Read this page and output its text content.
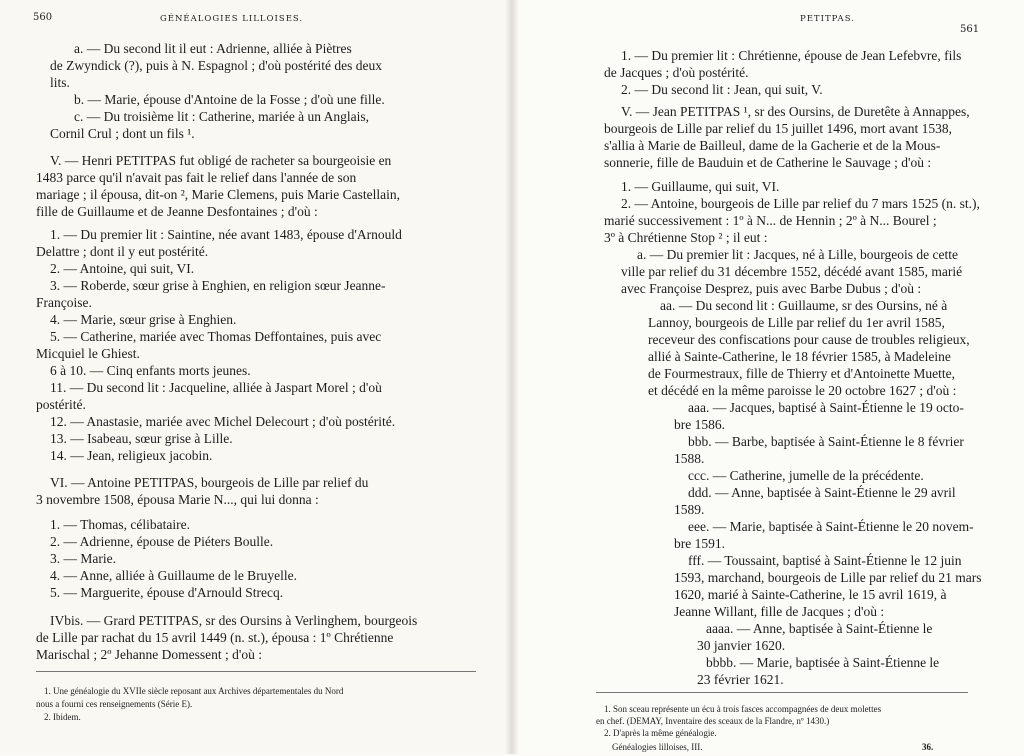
560	GÉNÉALOGIES LILLOISES.
a. — Du second lit il eut : Adrienne, alliée à Piètres
de Zwyndick (?), puis à N. Espagnol ; d'où postérité des deux
lits.
b. — Marie, épouse d'Antoine de la Fosse ; d'où une fille.
c. — Du troisième lit : Catherine, mariée à un Anglais,
Cornil Crul ; dont un fils ¹.
V. — Henri PETITPAS fut obligé de racheter sa bourgeoisie en
1483 parce qu'il n'avait pas fait le relief dans l'année de son
mariage ; il épousa, dit-on ², Marie Clemens, puis Marie Castellain,
fille de Guillaume et de Jeanne Desfontaines ; d'où :
1. — Du premier lit : Saintine, née avant 1483, épouse d'Arnould
Delattre ; dont il y eut postérité.
2. — Antoine, qui suit, VI.
3. — Roberde, sœur grise à Enghien, en religion sœur Jeanne-
Françoise.
4. — Marie, sœur grise à Enghien.
5. — Catherine, mariée avec Thomas Deffontaines, puis avec
Micquiel le Ghiest.
6 à 10. — Cinq enfants morts jeunes.
11. — Du second lit : Jacqueline, alliée à Jaspart Morel ; d'où
postérité.
12. — Anastasie, mariée avec Michel Delecourt ; d'où postérité.
13. — Isabeau, sœur grise à Lille.
14. — Jean, religieux jacobin.
VI. — Antoine PETITPAS, bourgeois de Lille par relief du
3 novembre 1508, épousa Marie N..., qui lui donna :
1. — Thomas, célibataire.
2. — Adrienne, épouse de Piéters Boulle.
3. — Marie.
4. — Anne, alliée à Guillaume de le Bruyelle.
5. — Marguerite, épouse d'Arnould Strecq.
IVbis. — Grard PETITPAS, sr des Oursins à Verlinghem, bourgeois
de Lille par rachat du 15 avril 1449 (n. st.), épousa : 1º Chrétienne
Marischal ; 2º Jehanne Domessent ; d'où :
1. Une généalogie du XVIIe siècle reposant aux Archives départementales du Nord
nous a fourni ces renseignements (Série E).
2. Ibidem.
PETITPAS.
561
1. — Du premier lit : Chrétienne, épouse de Jean Lefebvre, fils
de Jacques ; d'où postérité.
2. — Du second lit : Jean, qui suit, V.
V. — Jean PETITPAS ¹, sr des Oursins, de Duretête à Annappes,
bourgeois de Lille par relief du 15 juillet 1496, mort avant 1538,
s'allia à Marie de Bailleul, dame de la Gacherie et de la Mous-
sonnerie, fille de Bauduin et de Catherine le Sauvage ; d'où :
1. — Guillaume, qui suit, VI.
2. — Antoine, bourgeois de Lille par relief du 7 mars 1525 (n. st.),
marié successivement : 1º à N... de Hennin ; 2º à N... Bourel ;
3º à Chrétienne Stop ² ; il eut :
a. — Du premier lit : Jacques, né à Lille, bourgeois de cette
ville par relief du 31 décembre 1552, décédé avant 1585, marié
avec Françoise Desprez, puis avec Barbe Dubus ; d'où :
aa. — Du second lit : Guillaume, sr des Oursins, né à
Lannoy, bourgeois de Lille par relief du 1er avril 1585,
receveur des confiscations pour cause de troubles religieux,
allié à Sainte-Catherine, le 18 février 1585, à Madeleine
de Fourmestraux, fille de Thierry et d'Antoinette Muette,
et décédé en la même paroisse le 20 octobre 1627 ; d'où :
aaa. — Jacques, baptisé à Saint-Étienne le 19 octo-
bre 1586.
bbb. — Barbe, baptisée à Saint-Étienne le 8 février
1588.
ccc. — Catherine, jumelle de la précédente.
ddd. — Anne, baptisée à Saint-Étienne le 29 avril
1589.
eee. — Marie, baptisée à Saint-Étienne le 20 novem-
bre 1591.
fff. — Toussaint, baptisé à Saint-Étienne le 12 juin
1593, marchand, bourgeois de Lille par relief du 21 mars
1620, marié à Sainte-Catherine, le 15 avril 1619, à
Jeanne Willant, fille de Jacques ; d'où :
aaaa. — Anne, baptisée à Saint-Étienne le
30 janvier 1620.
bbbb. — Marie, baptisée à Saint-Étienne le
23 février 1621.
1. Son sceau représente un écu à trois fasces accompagnées de deux molettes
en chef. (DEMAY, Inventaire des sceaux de la Flandre, nº 1430.)
2. D'après la même généalogie.
Généalogies lilloises, III.	36.
